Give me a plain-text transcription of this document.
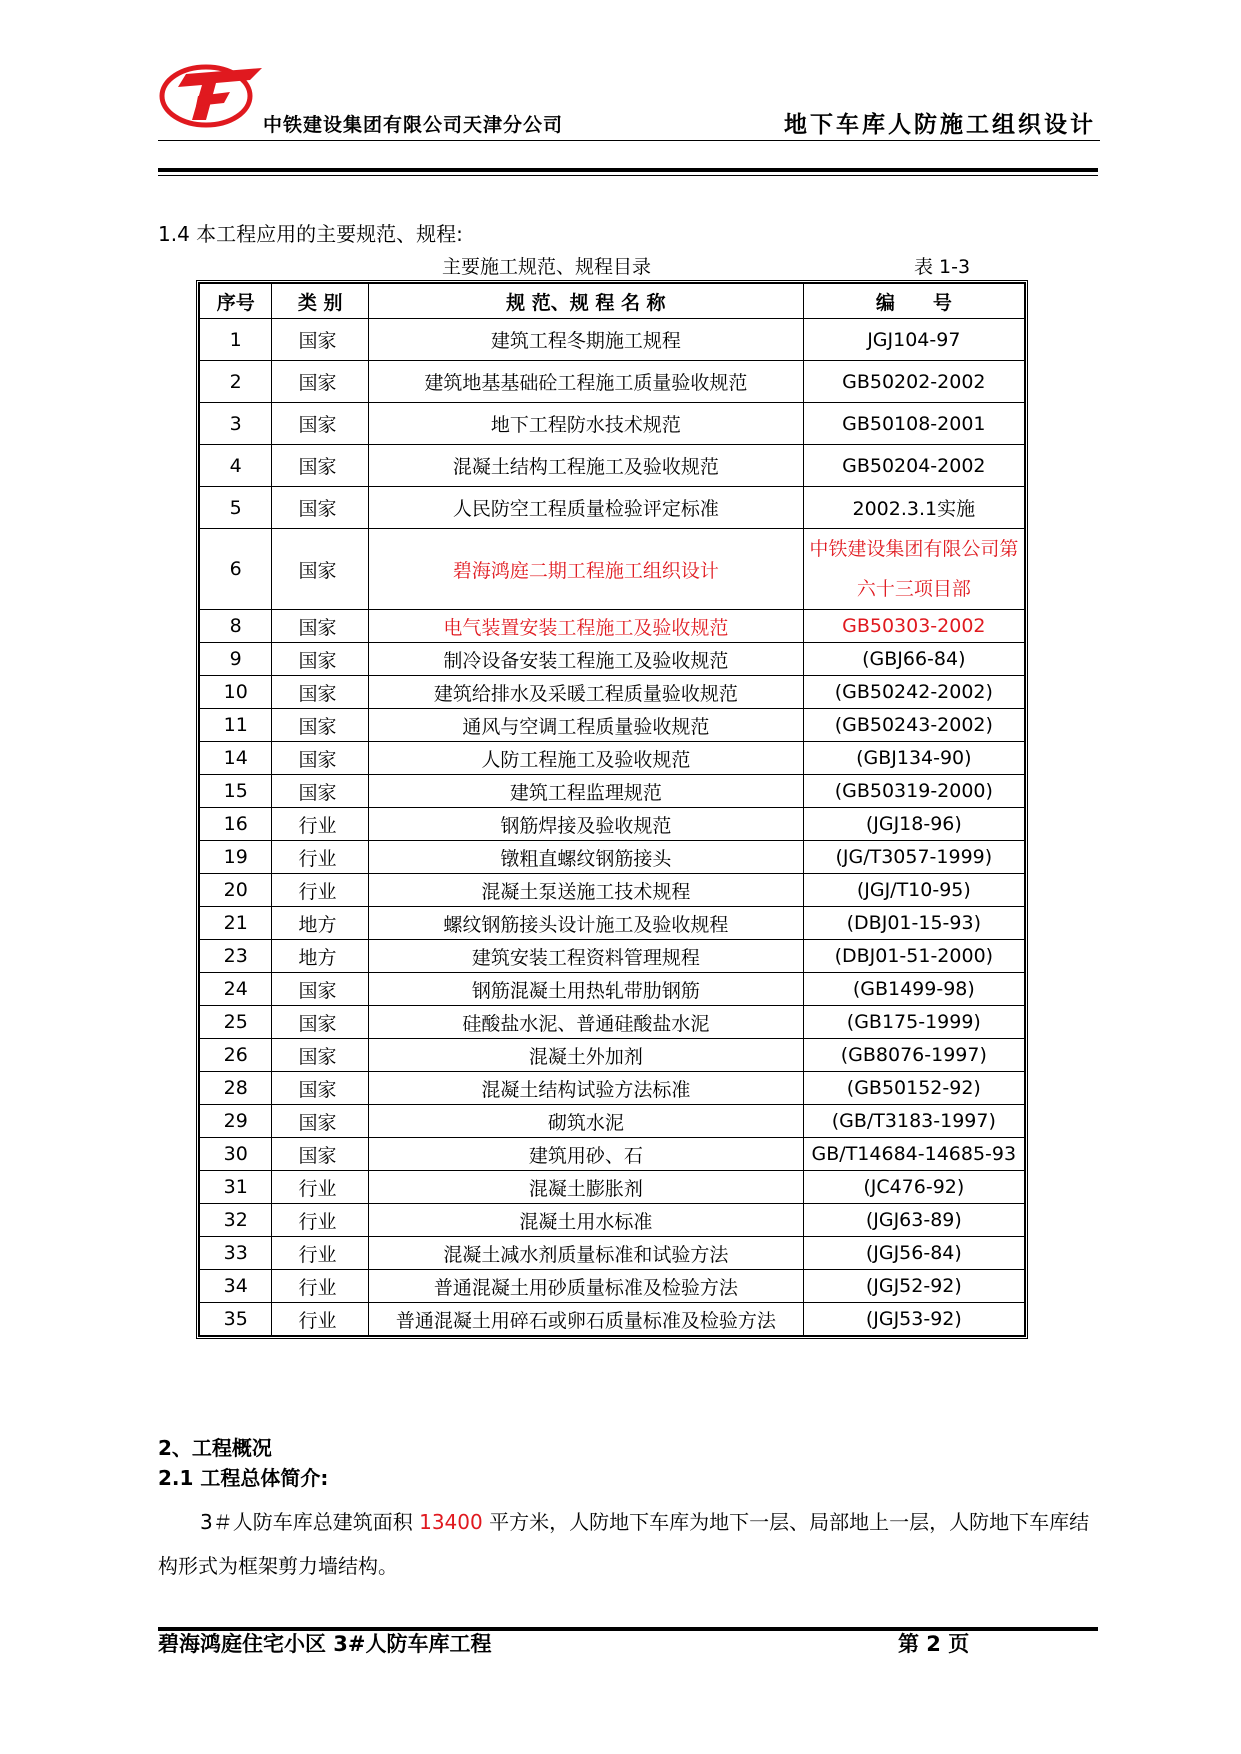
中铁建设集团有限公司天津分公司	地下车库人防施工组织设计
1.4 本工程应用的主要规范、规程:
主要施工规范、规程目录	表 1-3
序号	类 别	规 范、规 程 名 称	编　　号
1	国家	建筑工程冬期施工规程	JGJ104-97
2	国家	建筑地基基础砼工程施工质量验收规范	GB50202-2002
3	国家	地下工程防水技术规范	GB50108-2001
4	国家	混凝土结构工程施工及验收规范	GB50204-2002
5	国家	人民防空工程质量检验评定标准	2002.3.1实施
6	国家	碧海鸿庭二期工程施工组织设计	中铁建设集团有限公司第六十三项目部
8	国家	电气装置安装工程施工及验收规范	GB50303-2002
9	国家	制冷设备安装工程施工及验收规范	(GBJ66-84)
10	国家	建筑给排水及采暖工程质量验收规范	(GB50242-2002)
11	国家	通风与空调工程质量验收规范	(GB50243-2002)
14	国家	人防工程施工及验收规范	(GBJ134-90)
15	国家	建筑工程监理规范	(GB50319-2000)
16	行业	钢筋焊接及验收规范	(JGJ18-96)
19	行业	镦粗直螺纹钢筋接头	(JG/T3057-1999)
20	行业	混凝土泵送施工技术规程	(JGJ/T10-95)
21	地方	螺纹钢筋接头设计施工及验收规程	(DBJ01-15-93)
23	地方	建筑安装工程资料管理规程	(DBJ01-51-2000)
24	国家	钢筋混凝土用热轧带肋钢筋	(GB1499-98)
25	国家	硅酸盐水泥、普通硅酸盐水泥	(GB175-1999)
26	国家	混凝土外加剂	(GB8076-1997)
28	国家	混凝土结构试验方法标准	(GB50152-92)
29	国家	砌筑水泥	(GB/T3183-1997)
30	国家	建筑用砂、石	GB/T14684-14685-93
31	行业	混凝土膨胀剂	(JC476-92)
32	行业	混凝土用水标准	(JGJ63-89)
33	行业	混凝土减水剂质量标准和试验方法	(JGJ56-84)
34	行业	普通混凝土用砂质量标准及检验方法	(JGJ52-92)
35	行业	普通混凝土用碎石或卵石质量标准及检验方法	(JGJ53-92)
2、工程概况
2.1 工程总体简介:
3＃人防车库总建筑面积 13400 平方米，人防地下车库为地下一层、局部地上一层，人防地下车库结构形式为框架剪力墙结构。
碧海鸿庭住宅小区 3#人防车库工程	第 2 页
